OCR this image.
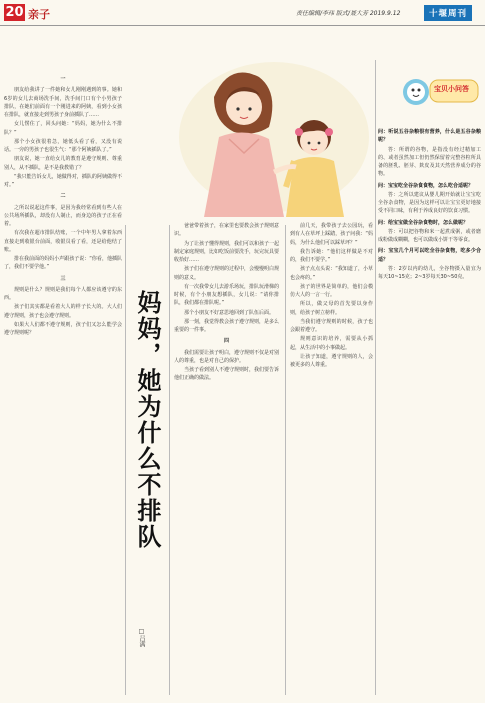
20 亲子	责任编辑/李玮 版式/聂大芳 2019.9.12	十堰周刊

一

朋友给我讲了一件她和女儿刚刚遇到的事。她和6岁的女儿去商场洗手间，洗手间门口有个小男孩子排队，在她们前面有一个刚进来的阿姨，看到小女孩在排队，就直接走到男孩子身前插队了……

女儿愣住了，回头问她：“妈妈，她为什么不排队？”

那个小女孩很着急，她低头看了看，又没有说话。一旁的男孩子也很生气：“那个阿姨插队了。”

朋友说，她一直给女儿的教育是遵守规则、尊重别人，从不插队，是不是我教错了？

“我只能告诉女儿，她做得对，插队的阿姨做得不对。”

二

之所以说起这件事，是因为我经常看到有些人在公共场所插队，却没有人制止，而身边的孩子正在看着。

有次我在超市排队结账，一个中年男人拿着东西直接走到收银台前面，收银员看了看，还是给他结了账。

排在我前面的妈妈小声跟孩子说：“你看，他插队了，我们不要学他。”

三

规则是什么？规则是我们每个人都应该遵守的东西。

孩子们其实都是看着大人的样子长大的。大人们遵守规则，孩子也会遵守规则。

如果大人们都不遵守规则，孩子们又怎么能学会遵守规则呢？	妈妈，她为什么不排队
□吕满
宝贝小问答

爸爸带着孩子，在家里也要教会孩子规则意识。

为了让孩子懂得规则，我们可以和孩子一起制定家庭规则，比如吃饭前要洗手，玩完玩具要收拾好……

孩子们在遵守规则的过程中，会慢慢明白规则的意义。

有一次我带女儿去游乐场玩，排队玩滑梯的时候，有个小朋友想插队，女儿说：“请你排队，我们都在排队呢。”

那个小朋友不好意思地回到了队伍后面。

那一刻，我觉得教会孩子遵守规则，是多么重要的一件事。

四

我们需要让孩子明白，遵守规则不仅是对别人的尊重，也是对自己的保护。

当孩子看到别人不遵守规则时，我们要告诉他们正确的做法。

前几天，我带孩子去公园玩，看到有人在草坪上踩踏，孩子问我：“妈妈，为什么他们可以踩草坪？”

我告诉她：“他们这样做是不对的，我们不要学。”

孩子点点头说：“我知道了，小草也会疼的。”

孩子的世界是简单的，他们会模仿大人的一言一行。

所以，做父母的首先要以身作则，给孩子树立榜样。

当我们遵守规则的时候，孩子也会跟着遵守。

规则意识的培养，需要从小抓起，从生活中的小事做起。

让孩子知道，遵守规则的人，会被更多的人尊重。

问：听说五谷杂粮很有营养，什么是五谷杂粮呢？

答：所谓的谷物，是指没有经过精加工的、或者虽然加工但仍然保留着完整谷粒所具备的胚乳、胚芽、麸皮及其天然营养成分的谷物。

问：宝宝吃全谷杂食食物，怎么吃合适呢？

答：之所以建议从婴儿期开始就让宝宝吃全谷杂食物，是因为这样可以让宝宝更好地接受不同口味，有利于养成良好的饮食习惯。

问：给宝宝做全谷杂食物时，怎么做呢？

答：可以把谷物和米一起煮成粥，或者磨成粉做成糊糊，也可以做成小饼干等零食。

问：宝宝几个月可以吃全谷杂食物，吃多少合适？

答：2岁以内的幼儿，全谷物摄入量宜为每天10~15克；2~3岁每天30~50克。
